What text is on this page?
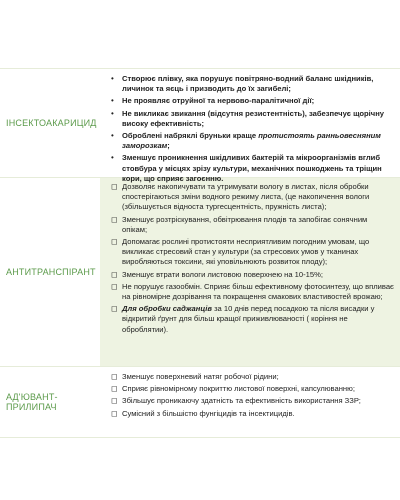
ІНСЕКТОАКАРИЦИД
• Створює плівку, яка порушує повітряно-водний баланс шкідників, личинок та яєць і призводить до їх загибелі;
• Не проявляє отруйної та нервово-паралітичної дії;
• Не викликає звикання (відсутня резистентність), забезпечує щорічну високу ефективність;
• Оброблені набряклі бруньки краще протистоять ранньовесняним заморозкам;
• Зменшує проникнення шкідливих бактерій та мікроорганізмів вглиб стовбура у місцях зрізу культури, механічних пошкоджень та тріщин кори, що сприяє загоєнню.
АНТИТРАНСПІРАНТ
◻ Дозволяє накопичувати та утримувати вологу в листах, після обробки спостерігаються зміни водного режиму листа, (це накопичення вологи (збільшується відноста тургесцентність, пружність листа);
◻ Зменшує розтріскування, обвітрювання плодів та запобігає сонячним опікам;
◻ Допомагає рослині протистояти несприятливим погодним умовам, що викликає стресовий стан у культури (за стресових умов у тканинах виробляються токсини, які уповільнюють розвиток плоду);
◻ Зменшує втрати вологи листовою поверхнею на 10-15%;
◻ Не порушує газообмін. Сприяє більш ефективному фотосинтезу, що впливає на рівномірне дозрівання та покращення смакових властивостей врожаю;
◻ Для обробки саджанців за 10 днів перед посадкою та після висадки у відкритий ґрунт для більш кращої приживлюваності ( коріння не оброблятии).
АД'ЮВАНТ-ПРИЛИПАЧ
◻ Зменшує поверхневий натяг робочої рідини;
◻ Сприяє рівномірному покриттю листової поверхні, капсулюванню;
◻ Збільшує проникаючу здатність та ефективність використання ЗЗР;
◻ Сумісний з більшістю фунгіцидів та інсектицидів.
